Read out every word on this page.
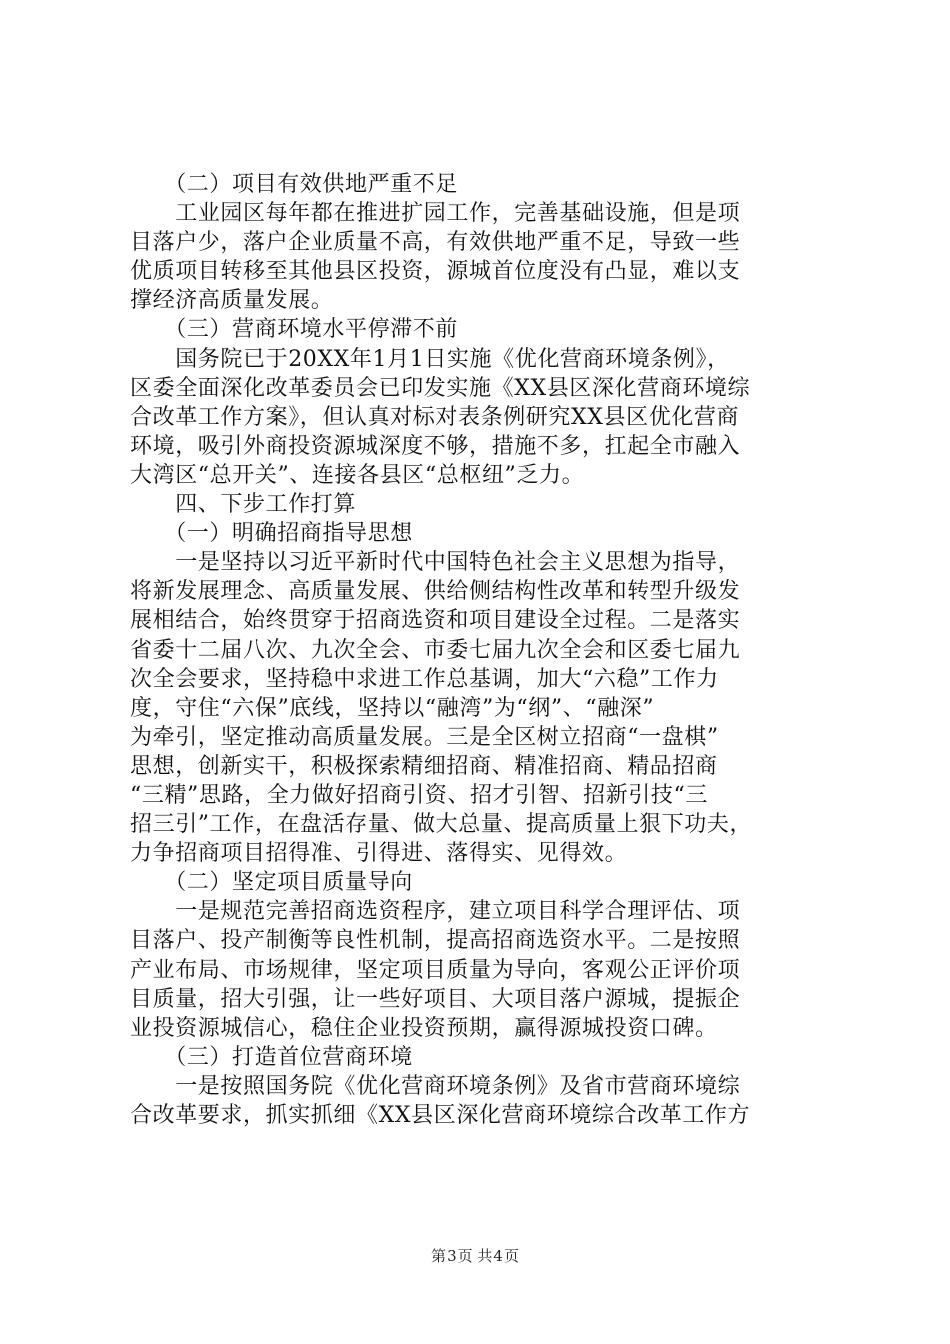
　　（二）项目有效供地严重不足
　　工业园区每年都在推进扩园工作，完善基础设施，但是项
目落户少，落户企业质量不高，有效供地严重不足，导致一些
优质项目转移至其他县区投资，源城首位度没有凸显，难以支
撑经济高质量发展。
　　（三）营商环境水平停滞不前
　　国务院已于20XX年1月1日实施《优化营商环境条例》，
区委全面深化改革委员会已印发实施《XX县区深化营商环境综
合改革工作方案》，但认真对标对表条例研究XX县区优化营商
环境，吸引外商投资源城深度不够，措施不多，扛起全市融入
大湾区“总开关”、连接各县区“总枢纽”乏力。
　　四、下步工作打算
　　（一）明确招商指导思想
　　一是坚持以习近平新时代中国特色社会主义思想为指导，
将新发展理念、高质量发展、供给侧结构性改革和转型升级发
展相结合，始终贯穿于招商选资和项目建设全过程。二是落实
省委十二届八次、九次全会、市委七届九次全会和区委七届九
次全会要求，坚持稳中求进工作总基调，加大“六稳”工作力
度，守住“六保”底线，坚持以“融湾”为“纲”、“融深”
为牵引，坚定推动高质量发展。三是全区树立招商“一盘棋”
思想，创新实干，积极探索精细招商、精准招商、精品招商
“三精”思路，全力做好招商引资、招才引智、招新引技“三
招三引”工作，在盘活存量、做大总量、提高质量上狠下功夫，
力争招商项目招得准、引得进、落得实、见得效。
　　（二）坚定项目质量导向
　　一是规范完善招商选资程序，建立项目科学合理评估、项
目落户、投产制衡等良性机制，提高招商选资水平。二是按照
产业布局、市场规律，坚定项目质量为导向，客观公正评价项
目质量，招大引强，让一些好项目、大项目落户源城，提振企
业投资源城信心，稳住企业投资预期，赢得源城投资口碑。
　　（三）打造首位营商环境
　　一是按照国务院《优化营商环境条例》及省市营商环境综
合改革要求，抓实抓细《XX县区深化营商环境综合改革工作方
第3页 共4页
